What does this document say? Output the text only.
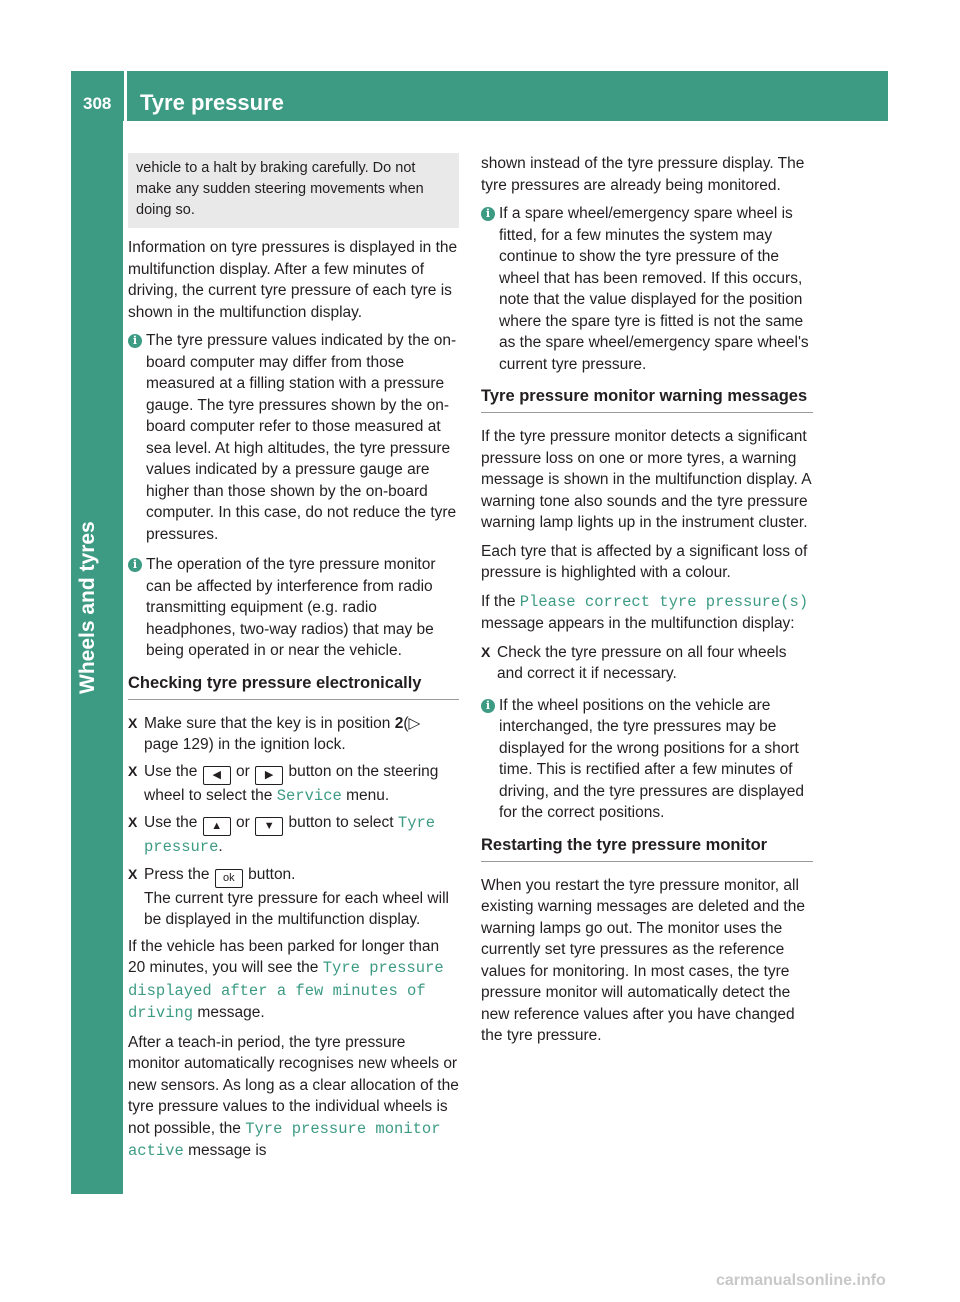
308 Tyre pressure
vehicle to a halt by braking carefully. Do not make any sudden steering movements when doing so.

Information on tyre pressures is displayed in the multifunction display. After a few minutes of driving, the current tyre pressure of each tyre is shown in the multifunction display.

i The tyre pressure values indicated by the on-board computer may differ from those measured at a filling station with a pressure gauge. The tyre pressures shown by the on-board computer refer to those measured at sea level. At high altitudes, the tyre pressure values indicated by a pressure gauge are higher than those shown by the on-board computer. In this case, do not reduce the tyre pressures.
i The operation of the tyre pressure monitor can be affected by interference from radio transmitting equipment (e.g. radio headphones, two-way radios) that may be being operated in or near the vehicle.
Checking tyre pressure electronically
X Make sure that the key is in position 2(▷ page 129) in the ignition lock.
X Use the ◀ or ▶ button on the steering wheel to select the Service menu.
X Use the ▲ or ▼ button to select Tyre pressure.
X Press the ok button.
The current tyre pressure for each wheel will be displayed in the multifunction display.

If the vehicle has been parked for longer than 20 minutes, you will see the Tyre pressure displayed after a few minutes of driving message.

After a teach-in period, the tyre pressure monitor automatically recognises new wheels or new sensors. As long as a clear allocation of the tyre pressure values to the individual wheels is not possible, the Tyre pressure monitor active message is

shown instead of the tyre pressure display. The tyre pressures are already being monitored.

i If a spare wheel/emergency spare wheel is fitted, for a few minutes the system may continue to show the tyre pressure of the wheel that has been removed. If this occurs, note that the value displayed for the position where the spare tyre is fitted is not the same as the spare wheel/emergency spare wheel's current tyre pressure.
Tyre pressure monitor warning messages

If the tyre pressure monitor detects a significant pressure loss on one or more tyres, a warning message is shown in the multifunction display. A warning tone also sounds and the tyre pressure warning lamp lights up in the instrument cluster.

Each tyre that is affected by a significant loss of pressure is highlighted with a colour.

If the Please correct tyre pressure(s) message appears in the multifunction display:

X Check the tyre pressure on all four wheels and correct it if necessary.
i If the wheel positions on the vehicle are interchanged, the tyre pressures may be displayed for the wrong positions for a short time. This is rectified after a few minutes of driving, and the tyre pressures are displayed for the correct positions.
Restarting the tyre pressure monitor

When you restart the tyre pressure monitor, all existing warning messages are deleted and the warning lamps go out. The monitor uses the currently set tyre pressures as the reference values for monitoring. In most cases, the tyre pressure monitor will automatically detect the new reference values after you have changed the tyre pressure.

carmanualsonline.info
